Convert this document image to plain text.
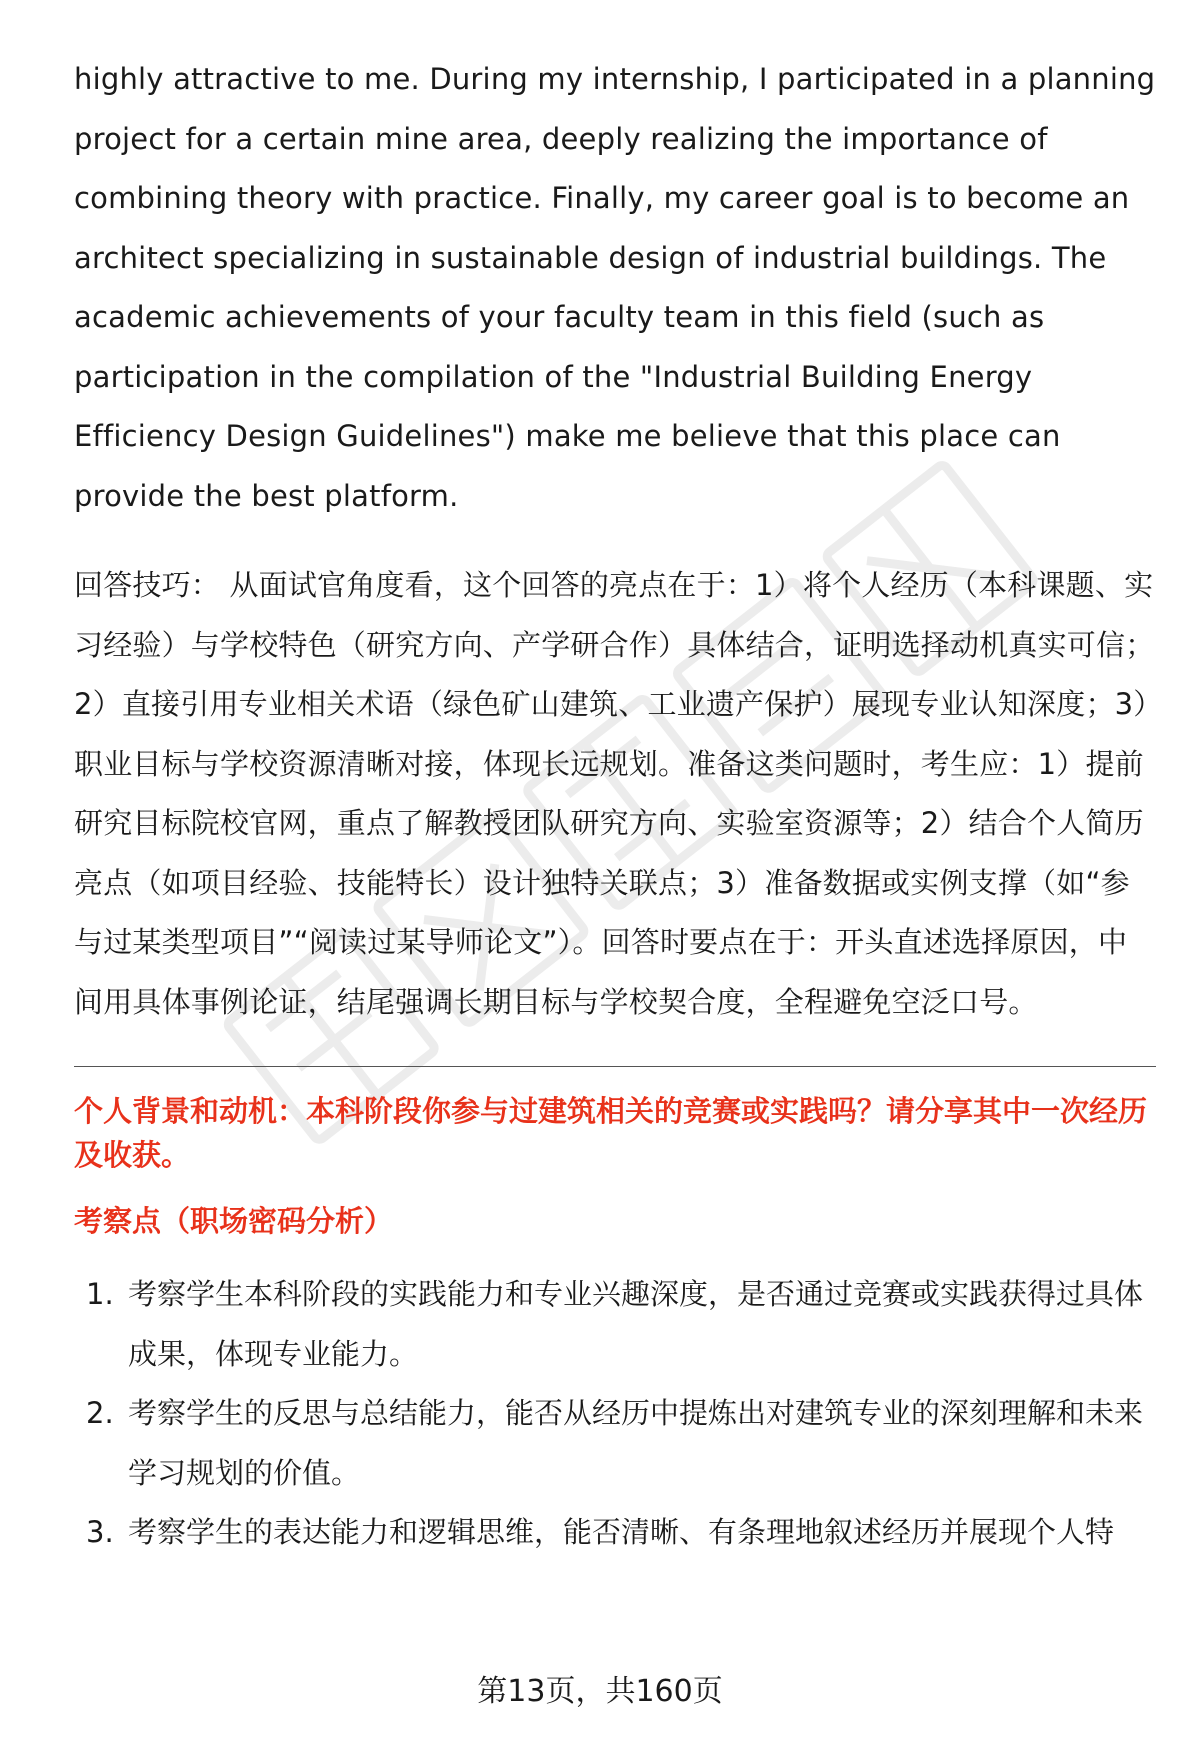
highly attractive to me. During my internship, I participated in a planning project for a certain mine area, deeply realizing the importance of combining theory with practice. Finally, my career goal is to become an architect specializing in sustainable design of industrial buildings. The academic achievements of your faculty team in this field (such as participation in the compilation of the "Industrial Building Energy Efficiency Design Guidelines") make me believe that this place can provide the best platform.

回答技巧： 从面试官角度看，这个回答的亮点在于：1）将个人经历（本科课题、实习经验）与学校特色（研究方向、产学研合作）具体结合，证明选择动机真实可信；2）直接引用专业相关术语（绿色矿山建筑、工业遗产保护）展现专业认知深度；3）职业目标与学校资源清晰对接，体现长远规划。准备这类问题时，考生应：1）提前研究目标院校官网，重点了解教授团队研究方向、实验室资源等；2）结合个人简历亮点（如项目经验、技能特长）设计独特关联点；3）准备数据或实例支撑（如“参与过某类型项目”“阅读过某导师论文”）。回答时要点在于：开头直述选择原因，中间用具体事例论证，结尾强调长期目标与学校契合度，全程避免空泛口号。

个人背景和动机：本科阶段你参与过建筑相关的竞赛或实践吗？请分享其中一次经历及收获。

考察点（职场密码分析）

1. 考察学生本科阶段的实践能力和专业兴趣深度，是否通过竞赛或实践获得过具体成果，体现专业能力。
2. 考察学生的反思与总结能力，能否从经历中提炼出对建筑专业的深刻理解和未来学习规划的价值。
3. 考察学生的表达能力和逻辑思维，能否清晰、有条理地叙述经历并展现个人特
第13页，共160页
